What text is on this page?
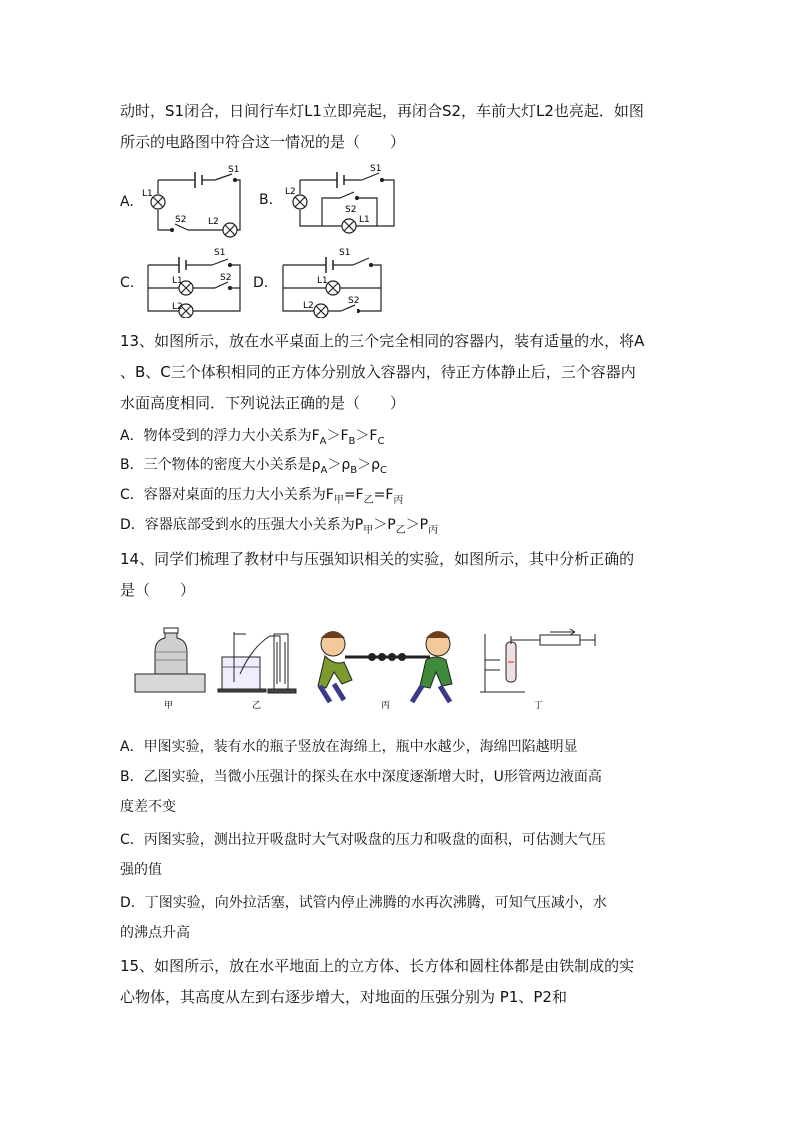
动时，S1闭合，日间行车灯L1立即亮起，再闭合S2，车前大灯L2也亮起．如图
所示的电路图中符合这一情况的是（　　）
A.	B.
C.	D.
L1
S1
S2 L2
L2
S1
S2
L1
S1
L1	S2
L2
S1
L1
S2
L2
13、如图所示，放在水平桌面上的三个完全相同的容器内，装有适量的水，将A
、B、C三个体积相同的正方体分别放入容器内，待正方体静止后，三个容器内
水面高度相同．下列说法正确的是（　　）
A．物体受到的浮力大小关系为$F_A>F_B>F_C$
B．三个物体的密度大小关系是$\rho_A>\rho_B>\rho_C$
C．容器对桌面的压力大小关系为$F_甲=F_乙=F_丙$
D．容器底部受到水的压强大小关系为$P_甲>P_乙>P_丙$
14、同学们梳理了教材中与压强知识相关的实验，如图所示，其中分析正确的
是（　　）
甲	乙	丙	丁
A．甲图实验，装有水的瓶子竖放在海绵上，瓶中水越少，海绵凹陷越明显
B．乙图实验，当微小压强计的探头在水中深度逐渐增大时，U形管两边液面高
度差不变
C．丙图实验，测出拉开吸盘时大气对吸盘的压力和吸盘的面积，可估测大气压
强的值
D．丁图实验，向外拉活塞，试管内停止沸腾的水再次沸腾，可知气压减小，水
的沸点升高
15、如图所示，放在水平地面上的立方体、长方体和圆柱体都是由铁制成的实
心物体，其高度从左到右逐步增大，对地面的压强分别为 P1、P2和
